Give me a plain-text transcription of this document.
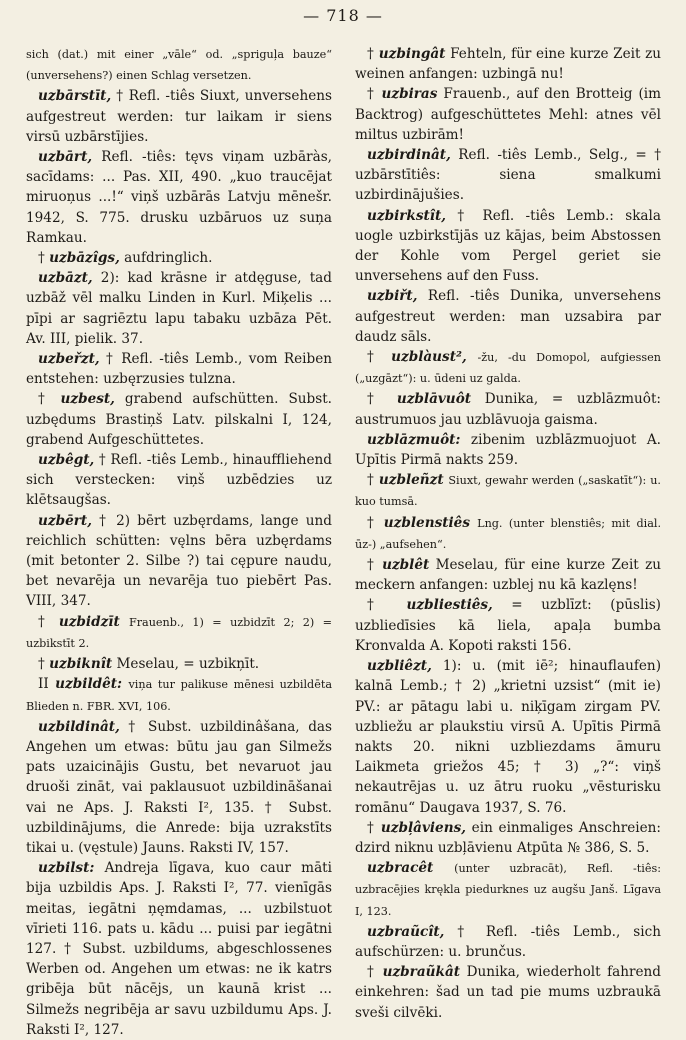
— 718 —

sich (dat.) mit einer „vāle“ od. „spriguļa bauze“ (unversehens?) einen Schlag versetzen.

uzbārstīt, † Refl. -tiês Siuxt, unversehens aufgestreut werden: tur laikam ir siens virsū uzbārstījies.

uzbārt, Refl. -tiês: tęvs viņam uzbāràs, sacīdams: ... Pas. XII, 490. „kuo traucējat miruoņus ...!“ viņš uzbārās Latvju mēnešr. 1942, S. 775. drusku uzbāruos uz suņa Ramkau.

† uzbāzîgs, aufdringlich.

uzbāzt, 2): kad krāsne ir atdęguse, tad uzbāž vēl malku Linden in Kurl. Miķelis ... pīpi ar sagriēztu lapu tabaku uzbāza Pēt. Av. III, pielik. 37.

uzbeřzt, † Refl. -tiês Lemb., vom Reiben entstehen: uzbęrzusies tulzna.

† uzbest, grabend aufschütten. Subst. uzbędums Brastiņš Latv. pilskalni I, 124, grabend Aufgeschüttetes.

uzbêgt, † Refl. -tiês Lemb., hinauffliehend sich verstecken: viņš uzbēdzies uz klētsaugšas.

uzbērt, † 2) bērt uzbęrdams, lange und reichlich schütten: vęlns bēra uzbęrdams (mit betonter 2. Silbe ?) tai cępure naudu, bet nevarēja un nevarēja tuo piebērt Pas. VIII, 347.

† uzbidzīt Frauenb., 1) = uzbidzīt 2; 2) = uzbikstīt 2.

† uzbiknît Meselau, = uzbikņīt.

II uzbildêt: viņa tur palikuse mēnesi uzbildēta Blieden n. FBR. XVI, 106.

uzbildinât, † Subst. uzbildinâšana, das Angehen um etwas: būtu jau gan Silmežs pats uzaicinājis Gustu, bet nevaruot jau druoši zināt, vai paklausuot uzbildināšanai vai ne Aps. J. Raksti I², 135. † Subst. uzbildinājums, die Anrede: bija uzrakstīts tikai u. (vęstule) Jauns. Raksti IV, 157.

uzbilst: Andreja līgava, kuo caur māti bija uzbildis Aps. J. Raksti I², 77. vienīgās meitas, iegātni ņęmdamas, ... uzbilstuot vīrieti 116. pats u. kādu ... puisi par iegātni 127. † Subst. uzbildums, abgeschlossenes Werben od. Angehen um etwas: ne ik katrs gribēja būt nācējs, un kaunā krist ... Silmežs negribēja ar savu uzbildumu Aps. J. Raksti I², 127.

† uzbingât Fehteln, für eine kurze Zeit zu weinen anfangen: uzbingā nu!

† uzbiras Frauenb., auf den Brotteig (im Backtrog) aufgeschüttetes Mehl: atnes vēl miltus uzbirām!

uzbirdinât, Refl. -tiês Lemb., Selg., = † uzbārstītiês: siena smalkumi uzbirdinājušies.

uzbirkstît, † Refl. -tiês Lemb.: skala uogle uzbirkstījās uz kājas, beim Abstossen der Kohle vom Pergel geriet sie unversehens auf den Fuss.

uzbiřt, Refl. -tiês Dunika, unversehens aufgestreut werden: man uzsabira par daudz sāls.

† uzblàust², -žu, -du Domopol, aufgiessen („uzgāzt“): u. ūdeni uz galda.

† uzblāvuôt Dunika, = uzblāzmuôt: austrumuos jau uzblāvuoja gaisma.

uzblāzmuôt: zibenim uzblāzmuojuot A. Upītis Pirmā nakts 259.

† uzbleñzt Siuxt, gewahr werden („saskatīt“): u. kuo tumsā.

† uzblenstiês Lng. (unter blenstiês; mit dial. ūz-) „aufsehen“.

† uzblêt Meselau, für eine kurze Zeit zu meckern anfangen: uzblej nu kā kazlęns!

† uzbliestiês, = uzblīzt: (pūslis) uzbliedīsies kā liela, apaļa bumba Kronvalda A. Kopoti raksti 156.

uzbliêzt, 1): u. (mit iē²; hinauflaufen) kalnā Lemb.; † 2) „krietni uzsist“ (mit ie) PV.: ar pātagu labi u. niķīgam zirgam PV. uzbliežu ar plaukstiu virsū A. Upītis Pirmā nakts 20. nikni uzbliezdams āmuru Laikmeta griežos 45; † 3) „?“: viņš nekautrējas u. uz ātru ruoku „vēsturisku romānu“ Daugava 1937, S. 76.

† uzbļâviens, ein einmaliges Anschreien: dzird niknu uzbļāvienu Atpūta № 386, S. 5.

uzbracêt (unter uzbracāt), Refl. -tiês: uzbracējies krękla piedurknes uz augšu Janš. Līgava I, 123.

uzbraũcît, † Refl. -tiês Lemb., sich aufschürzen: u. brunčus.

† uzbraũkât Dunika, wiederholt fahrend einkehren: šad un tad pie mums uzbraukā sveši cilvēki.
